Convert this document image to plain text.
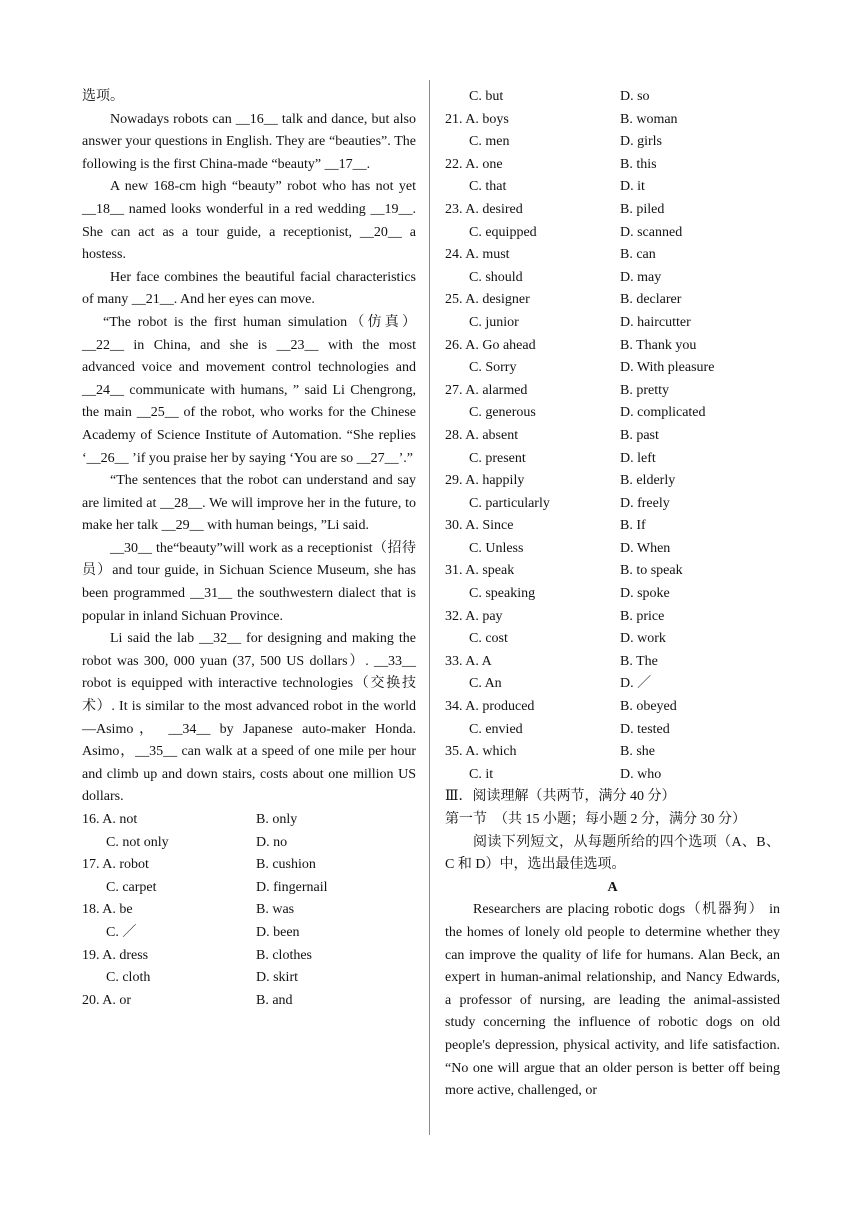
选项。

Nowadays robots can __16__ talk and dance, but also answer your questions in English. They are “beauties”. The following is the first China-made “beauty” __17__.

A new 168-cm high “beauty” robot who has not yet __18__ named looks wonderful in a red wedding __19__. She can act as a tour guide, a receptionist, __20__ a hostess.

Her face combines the beautiful facial characteristics of many __21__. And her eyes can move.

“The robot is the first human simulation（仿真） __22__ in China, and she is __23__ with the most advanced voice and movement control technologies and __24__ communicate with humans, ” said Li Chengrong, the main __25__ of the robot, who works for the Chinese Academy of Science Institute of Automation. “She replies ‘__26__ ’if you praise her by saying ‘You are so __27__’.”

“The sentences that the robot can understand and say are limited at __28__. We will improve her in the future, to make her talk __29__ with human beings, ”Li said.

__30__ the“beauty”will work as a receptionist（招待员）and tour guide, in Sichuan Science Museum, she has been programmed __31__ the southwestern dialect that is popular in inland Sichuan Province.

Li said the lab __32__ for designing and making the robot was 300, 000 yuan (37, 500 US dollars）. __33__ robot is equipped with interactive technologies（交换技术）. It is similar to the most advanced robot in the world—Asimo， __34__ by Japanese auto-maker Honda. Asimo，__35__ can walk at a speed of one mile per hour and climb up and down stairs, costs about one million US dollars.

16. A. not	B. only
C. not only	D. no
17. A. robot	B. cushion
C. carpet	D. fingernail
18. A. be	B. was
C. ／	D. been
19. A. dress	B. clothes
C. cloth	D. skirt
20. A. or	B. and
C. but	D. so
21. A. boys	B. woman
C. men	D. girls
22. A. one	B. this
C. that	D. it
23. A. desired	B. piled
C. equipped	D. scanned
24. A. must	B. can
C. should	D. may
25. A. designer	B. declarer
C. junior	D. haircutter
26. A. Go ahead	B. Thank you
C. Sorry	D. With pleasure
27. A. alarmed	B. pretty
C. generous	D. complicated
28. A. absent	B. past
C. present	D. left
29. A. happily	B. elderly
C. particularly	D. freely
30. A. Since	B. If
C. Unless	D. When
31. A. speak	B. to speak
C. speaking	D. spoke
32. A. pay	B. price
C. cost	D. work
33. A. A	B. The
C. An	D. ／
34. A. produced	B. obeyed
C. envied	D. tested
35. A. which	B. she
C. it	D. who

Ⅲ．阅读理解（共两节，满分 40 分）

第一节　（共 15 小题；每小题 2 分，满分 30 分）

阅读下列短文，从每题所给的四个选项（A、B、C 和 D）中，选出最佳选项。

A

Researchers are placing robotic dogs（机器狗） in the homes of lonely old people to determine whether they can improve the quality of life for humans. Alan Beck, an expert in human-animal relationship, and Nancy Edwards, a professor of nursing, are leading the animal-assisted study concerning the influence of robotic dogs on old people's depression, physical activity, and life satisfaction. “No one will argue that an older person is better off being more active, challenged, or
